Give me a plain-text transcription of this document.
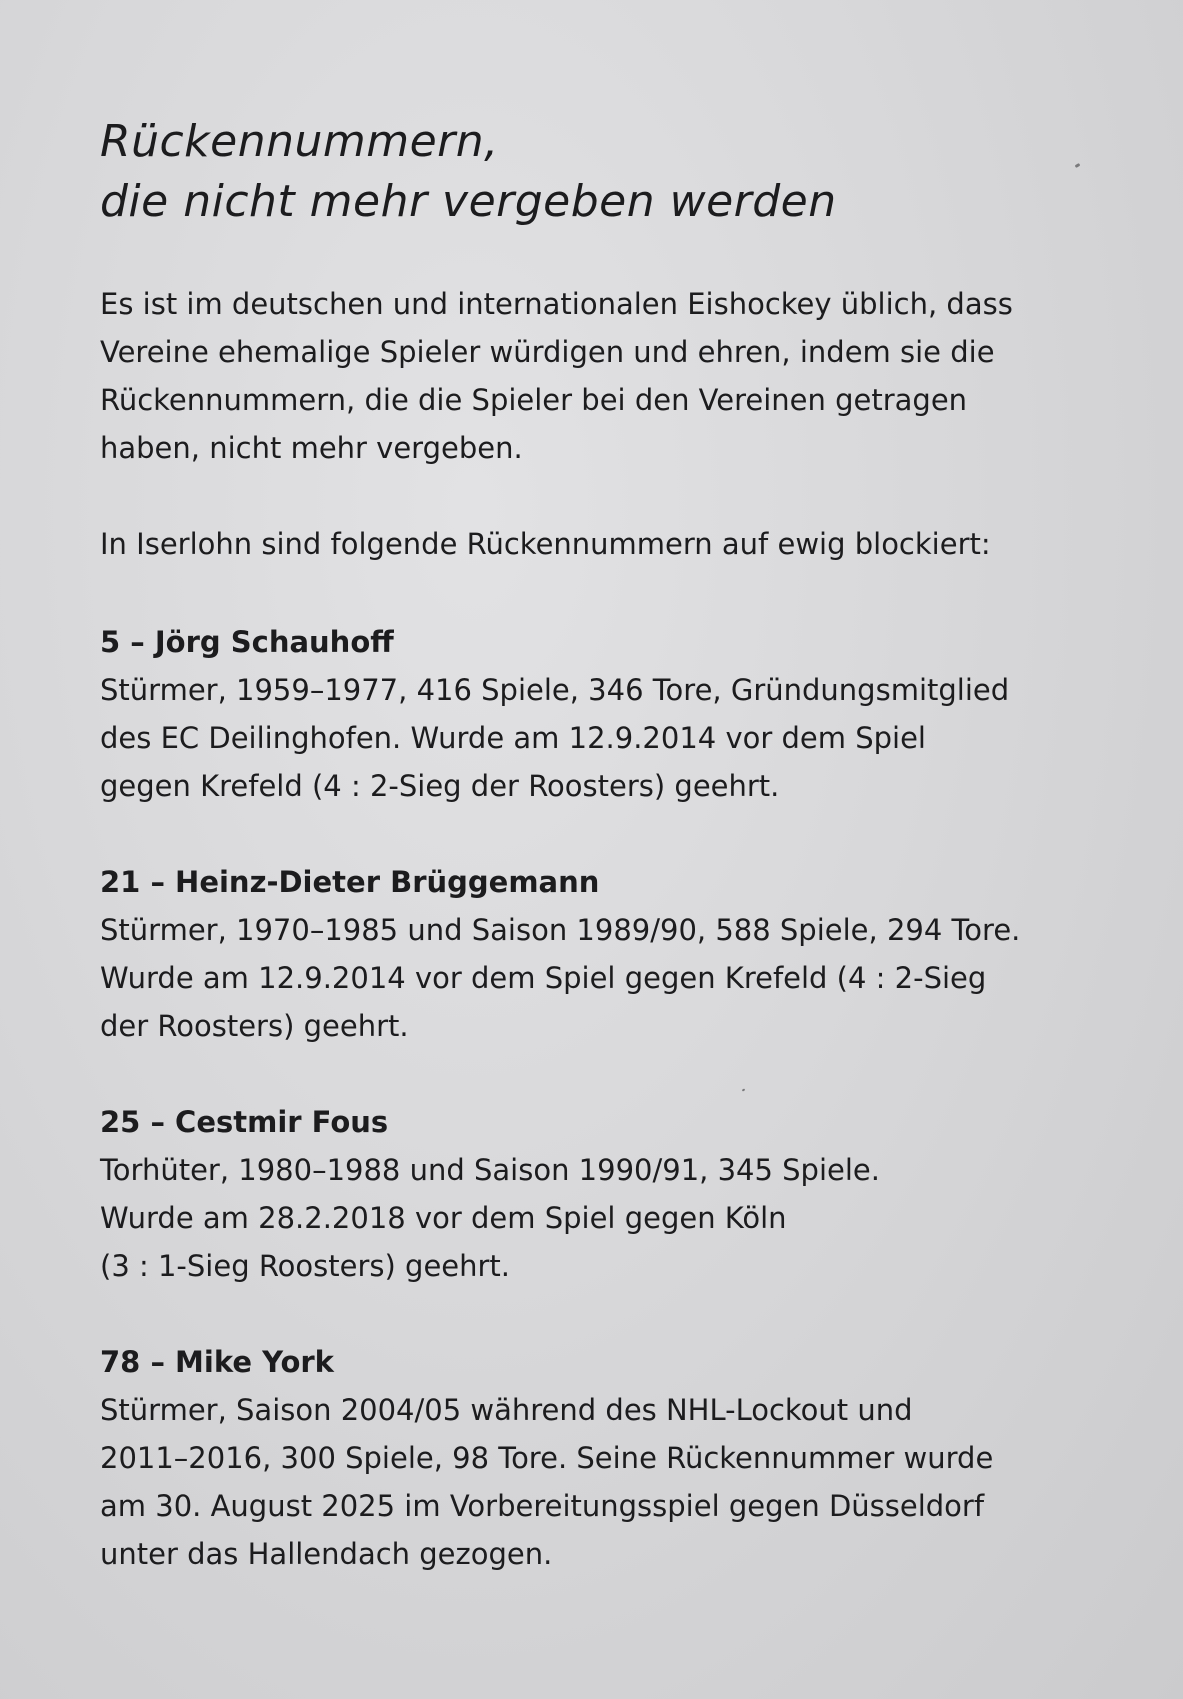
Rückennummern,
die nicht mehr vergeben werden

Es ist im deutschen und internationalen Eishockey üblich, dass Vereine ehemalige Spieler würdigen und ehren, indem sie die Rückennummern, die die Spieler bei den Vereinen getragen haben, nicht mehr vergeben.

In Iserlohn sind folgende Rückennummern auf ewig blockiert:

5 – Jörg Schauhoff

Stürmer, 1959–1977, 416 Spiele, 346 Tore, Gründungsmitglied
des EC Deilinghofen. Wurde am 12.9.2014 vor dem Spiel
gegen Krefeld (4 : 2-Sieg der Roosters) geehrt.

21 – Heinz-Dieter Brüggemann

Stürmer, 1970–1985 und Saison 1989/90, 588 Spiele, 294 Tore.
Wurde am 12.9.2014 vor dem Spiel gegen Krefeld (4 : 2-Sieg
der Roosters) geehrt.

25 – Cestmir Fous

Torhüter, 1980–1988 und Saison 1990/91, 345 Spiele.
Wurde am 28.2.2018 vor dem Spiel gegen Köln
(3 : 1-Sieg Roosters) geehrt.

78 – Mike York

Stürmer, Saison 2004/05 während des NHL-Lockout und
2011–2016, 300 Spiele, 98 Tore. Seine Rückennummer wurde
am 30. August 2025 im Vorbereitungsspiel gegen Düsseldorf
unter das Hallendach gezogen.
